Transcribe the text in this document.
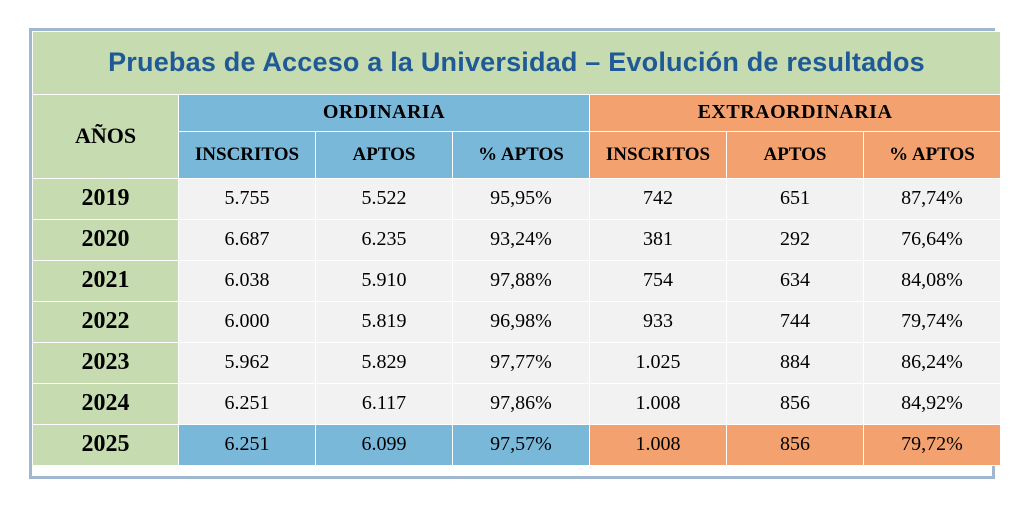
Pruebas de Acceso a la Universidad – Evolución de resultados						
AÑOS	ORDINARIA			EXTRAORDINARIA		
	INSCRITOS	APTOS	% APTOS	INSCRITOS	APTOS	% APTOS
2019	5.755	5.522	95,95%	742	651	87,74%
2020	6.687	6.235	93,24%	381	292	76,64%
2021	6.038	5.910	97,88%	754	634	84,08%
2022	6.000	5.819	96,98%	933	744	79,74%
2023	5.962	5.829	97,77%	1.025	884	86,24%
2024	6.251	6.117	97,86%	1.008	856	84,92%
2025	6.251	6.099	97,57%	1.008	856	79,72%
